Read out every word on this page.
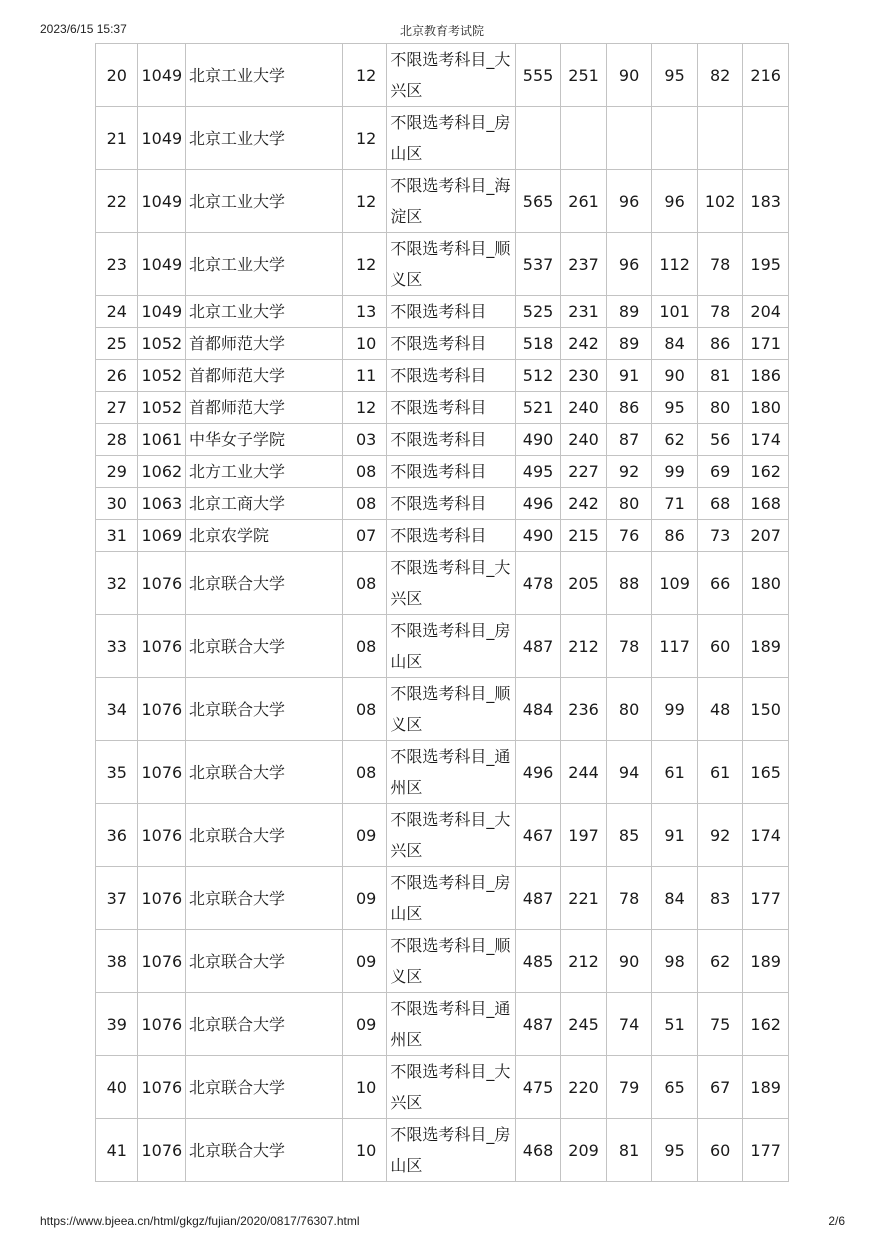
2023/6/15 15:37	北京教育考试院
20	1049	北京工业大学	12	不限选考科目_大兴区	555	251	90	95	82	216
21	1049	北京工业大学	12	不限选考科目_房山区						
22	1049	北京工业大学	12	不限选考科目_海淀区	565	261	96	96	102	183
23	1049	北京工业大学	12	不限选考科目_顺义区	537	237	96	112	78	195
24	1049	北京工业大学	13	不限选考科目	525	231	89	101	78	204
25	1052	首都师范大学	10	不限选考科目	518	242	89	84	86	171
26	1052	首都师范大学	11	不限选考科目	512	230	91	90	81	186
27	1052	首都师范大学	12	不限选考科目	521	240	86	95	80	180
28	1061	中华女子学院	03	不限选考科目	490	240	87	62	56	174
29	1062	北方工业大学	08	不限选考科目	495	227	92	99	69	162
30	1063	北京工商大学	08	不限选考科目	496	242	80	71	68	168
31	1069	北京农学院	07	不限选考科目	490	215	76	86	73	207
32	1076	北京联合大学	08	不限选考科目_大兴区	478	205	88	109	66	180
33	1076	北京联合大学	08	不限选考科目_房山区	487	212	78	117	60	189
34	1076	北京联合大学	08	不限选考科目_顺义区	484	236	80	99	48	150
35	1076	北京联合大学	08	不限选考科目_通州区	496	244	94	61	61	165
36	1076	北京联合大学	09	不限选考科目_大兴区	467	197	85	91	92	174
37	1076	北京联合大学	09	不限选考科目_房山区	487	221	78	84	83	177
38	1076	北京联合大学	09	不限选考科目_顺义区	485	212	90	98	62	189
39	1076	北京联合大学	09	不限选考科目_通州区	487	245	74	51	75	162
40	1076	北京联合大学	10	不限选考科目_大兴区	475	220	79	65	67	189
41	1076	北京联合大学	10	不限选考科目_房山区	468	209	81	95	60	177
https://www.bjeea.cn/html/gkgz/fujian/2020/0817/76307.html	2/6
